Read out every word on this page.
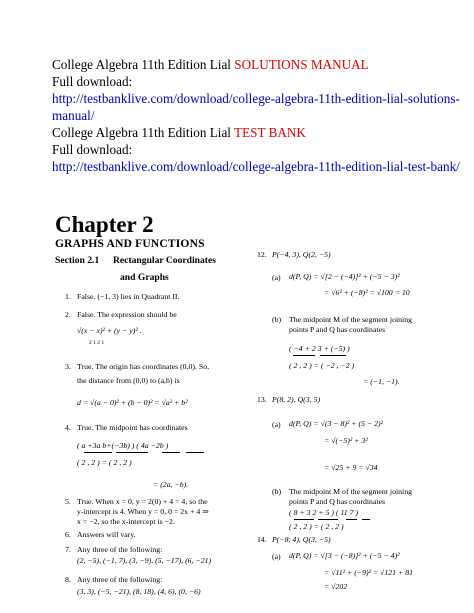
College Algebra 11th Edition Lial SOLUTIONS MANUAL
Full download:
http://testbanklive.com/download/college-algebra-11th-edition-lial-solutions-
manual/
College Algebra 11th Edition Lial TEST BANK
Full download:
http://testbanklive.com/download/college-algebra-11th-edition-lial-test-bank/
Chapter 2
GRAPHS AND FUNCTIONS
Section 2.1 Rectangular Coordinates
and Graphs
1. False. (−1, 3) lies in Quadrant II.
2. False. The expression should be
√(x − x)² + (y − y)² .
2 1 2 1
3. True. The origin has coordinates (0,0). So,
the distance from (0,0) to (a,b) is
d = √(a − 0)² + (b − 0)² = √a² + b²
4. True. The midpoint has coordinates
( a +3a b+(−3b) ) ( 4a −2b )
( 2 , 2 ) = ( 2 , 2 )
= (2a, −b).
5. True. When x = 0, y = 2(0) + 4 = 4, so the
y-intercept is 4. When y = 0, 0 = 2x + 4 ⇒
x = −2, so the x-intercept is −2.
6. Answers will vary.
7. Any three of the following:
(2, −5), (−1, 7), (3, −9), (5, −17), (6, −21)
8. Any three of the following:
(3, 3), (−5, −21), (8, 18), (4, 6), (0, −6)
12. P(−4, 3), Q(2, −5)
(a) d(P, Q) = √[2 − (−4)]² + (−5 − 3)²
= √6² + (−8)² = √100 = 10
(b) The midpoint M of the segment joining
points P and Q has coordinates
( −4 + 2 3 + (−5) )
( 2 , 2 ) = ( −2 , −2 )
= (−1, −1).
13. P(8, 2), Q(3, 5)
(a) d(P, Q) = √(3 − 8)² + (5 − 2)²
= √(−5)² + 3²
= √25 + 9 = √34
(b) The midpoint M of the segment joining
points P and Q has coordinates
( 8 + 3 2 + 5 ) ( 11 7 )
( 2 , 2 ) = ( 2 , 2 )
14. P(−8, 4), Q(3, −5)
(a) d(P, Q) = √[3 − (−8)]² + (−5 − 4)²
= √11² + (−9)² = √121 + 81
= √202
